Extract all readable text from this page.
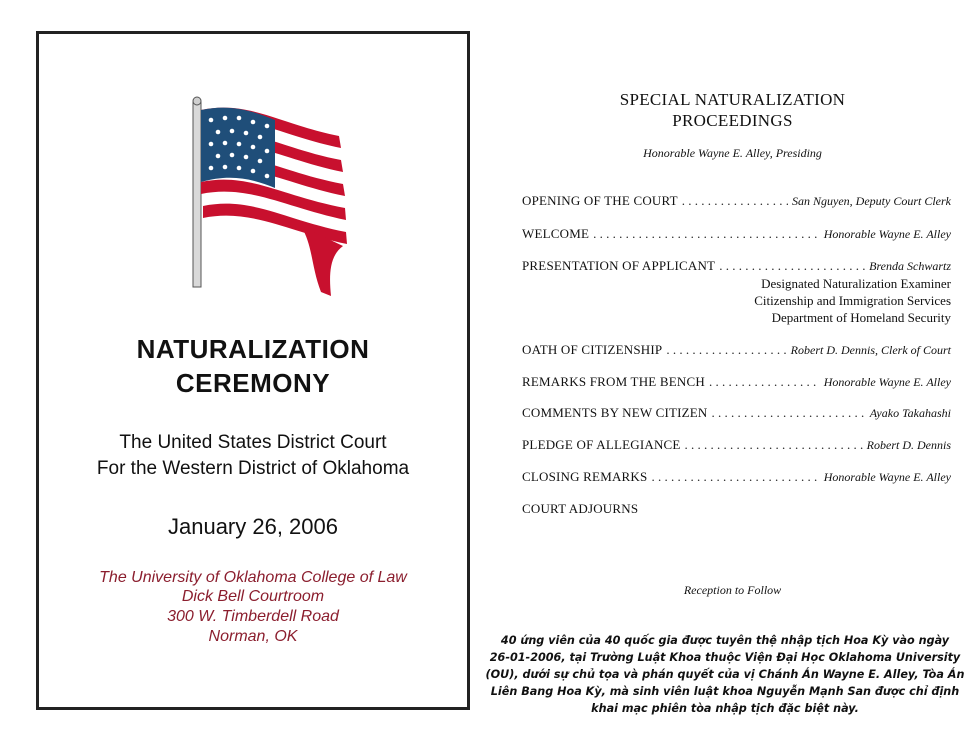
NATURALIZATION
CEREMONY
The United States District Court
For the Western District of Oklahoma
January 26, 2006
The University of Oklahoma College of Law
Dick Bell Courtroom
300 W. Timberdell Road
Norman, OK
SPECIAL NATURALIZATION
PROCEEDINGS
Honorable Wayne E. Alley, Presiding
OPENING OF THE COURT . . .	San Nguyen, Deputy Court Clerk
WELCOME . . .	Honorable Wayne E. Alley
PRESENTATION OF APPLICANT . . .	Brenda Schwartz
Designated Naturalization Examiner
Citizenship and Immigration Services
Department of Homeland Security
OATH OF CITIZENSHIP . . .	Robert D. Dennis, Clerk of Court
REMARKS FROM THE BENCH . . .	Honorable Wayne E. Alley
COMMENTS BY NEW CITIZEN . . .	Ayako Takahashi
PLEDGE OF ALLEGIANCE . . .	Robert D. Dennis
CLOSING REMARKS . . .	Honorable Wayne E. Alley
COURT ADJOURNS
Reception to Follow
40 ứng viên của 40 quốc gia được tuyên thệ nhập tịch Hoa Kỳ vào ngày
26-01-2006, tại Trường Luật Khoa thuộc Viện Đại Học Oklahoma University
(OU), dưới sự chủ tọa và phán quyết của vị Chánh Án Wayne E. Alley, Tòa Án
Liên Bang Hoa Kỳ, mà sinh viên luật khoa Nguyễn Mạnh San được chỉ định
khai mạc phiên tòa nhập tịch đặc biệt này.
